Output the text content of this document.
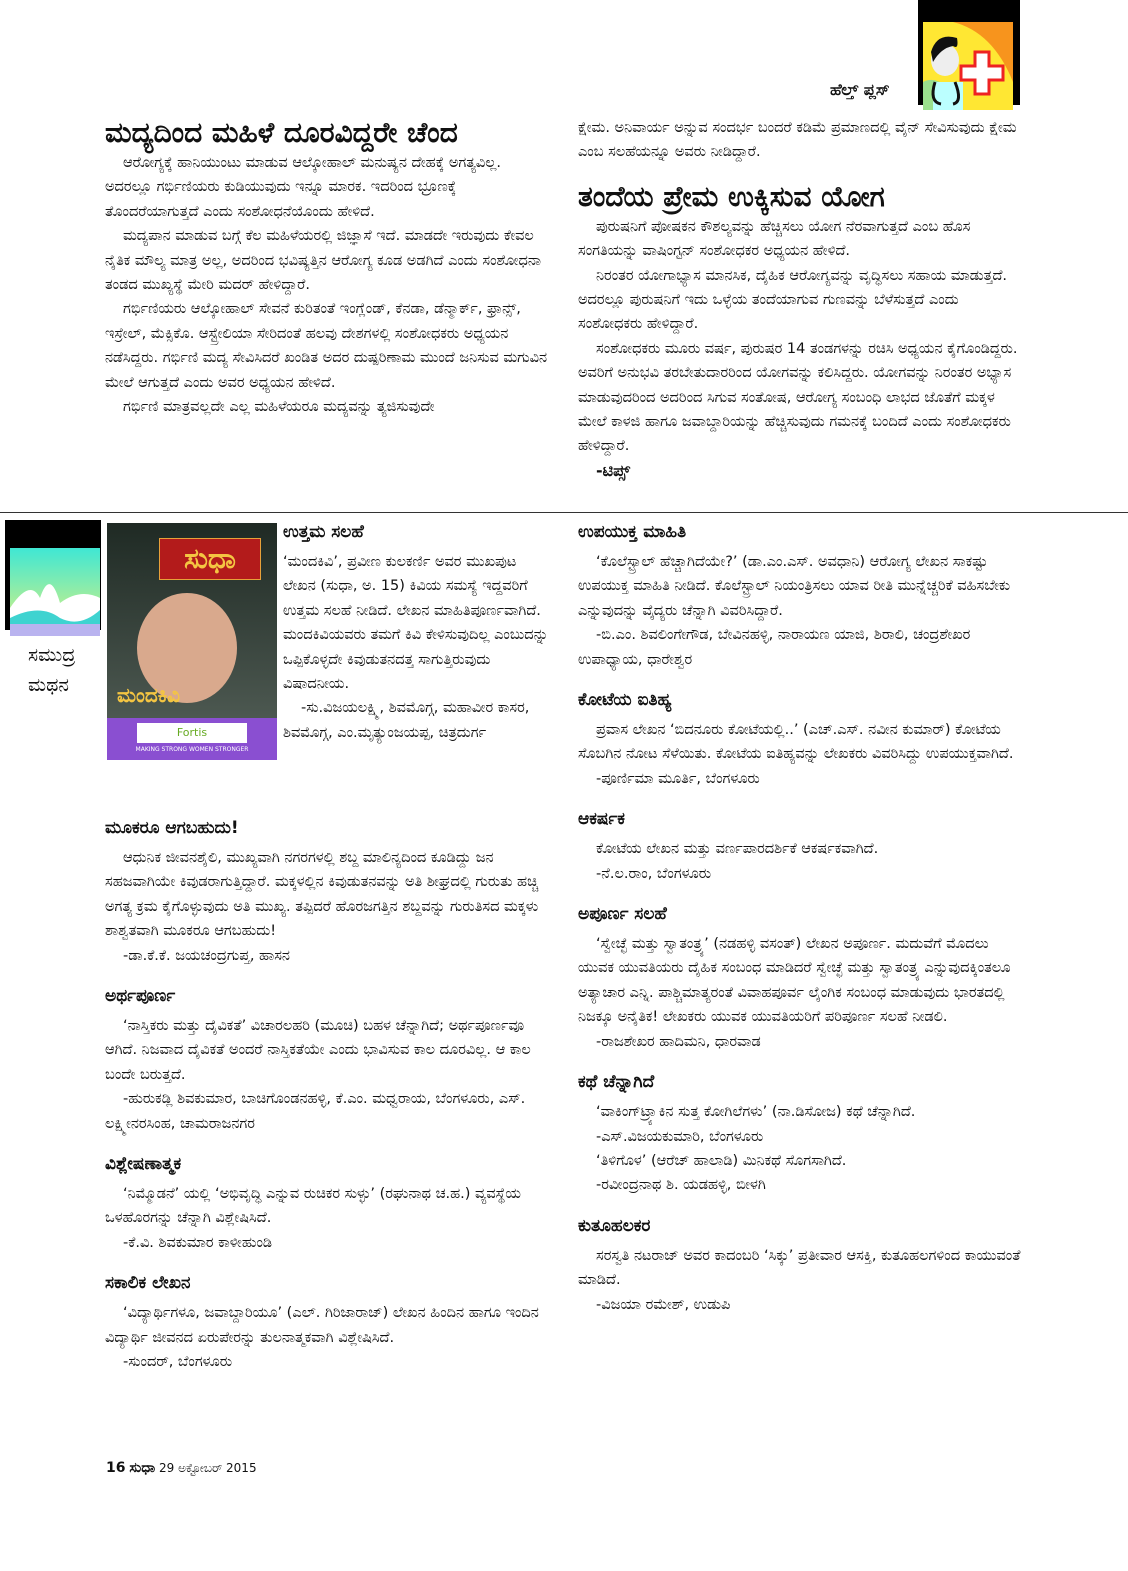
ಹೆಲ್ತ್ ಪ್ಲಸ್
ಮದ್ಯದಿಂದ ಮಹಿಳೆ ದೂರವಿದ್ದರೇ ಚೆಂದ

ಆರೋಗ್ಯಕ್ಕೆ ಹಾನಿಯುಂಟು ಮಾಡುವ ಆಲ್ಕೋಹಾಲ್ ಮನುಷ್ಯನ ದೇಹಕ್ಕೆ ಅಗತ್ಯವಿಲ್ಲ. ಅದರಲ್ಲೂ ಗರ್ಭಿಣಿಯರು ಕುಡಿಯುವುದು ಇನ್ನೂ ಮಾರಕ. ಇದರಿಂದ ಭ್ರೂಣಕ್ಕೆ ತೊಂದರೆಯಾಗುತ್ತದೆ ಎಂದು ಸಂಶೋಧನೆಯೊಂದು ಹೇಳಿದೆ.

ಮದ್ಯಪಾನ ಮಾಡುವ ಬಗ್ಗೆ ಕೆಲ ಮಹಿಳೆಯರಲ್ಲಿ ಜಿಜ್ಞಾಸೆ ಇದೆ. ಮಾಡದೇ ಇರುವುದು ಕೇವಲ ನೈತಿಕ ಮೌಲ್ಯ ಮಾತ್ರ ಅಲ್ಲ, ಅದರಿಂದ ಭವಿಷ್ಯತ್ತಿನ ಆರೋಗ್ಯ ಕೂಡ ಅಡಗಿದೆ ಎಂದು ಸಂಶೋಧನಾ ತಂಡದ ಮುಖ್ಯಸ್ಥೆ ಮೇರಿ ಮದರ್ ಹೇಳಿದ್ದಾರೆ.

ಗರ್ಭಿಣಿಯರು ಆಲ್ಕೋಹಾಲ್ ಸೇವನೆ ಕುರಿತಂತೆ ಇಂಗ್ಲೆಂಡ್, ಕೆನಡಾ, ಡೆನ್ಮಾರ್ಕ್, ಫ್ರಾನ್ಸ್, ಇಸ್ರೇಲ್, ಮೆಕ್ಸಿಕೊ. ಆಸ್ಟ್ರೇಲಿಯಾ ಸೇರಿದಂತೆ ಹಲವು ದೇಶಗಳಲ್ಲಿ ಸಂಶೋಧಕರು ಅಧ್ಯಯನ ನಡೆಸಿದ್ದರು. ಗರ್ಭಿಣಿ ಮದ್ಯ ಸೇವಿಸಿದರೆ ಖಂಡಿತ ಅದರ ದುಷ್ಪರಿಣಾಮ ಮುಂದೆ ಜನಿಸುವ ಮಗುವಿನ ಮೇಲೆ ಆಗುತ್ತದೆ ಎಂದು ಅವರ ಅಧ್ಯಯನ ಹೇಳಿದೆ.

ಗರ್ಭಿಣಿ ಮಾತ್ರವಲ್ಲದೇ ಎಲ್ಲ ಮಹಿಳೆಯರೂ ಮದ್ಯವನ್ನು ತ್ಯಜಿಸುವುದೇ

ಕ್ಷೇಮ. ಅನಿವಾರ್ಯ ಅನ್ನುವ ಸಂದರ್ಭ ಬಂದರೆ ಕಡಿಮೆ ಪ್ರಮಾಣದಲ್ಲಿ ವೈನ್ ಸೇವಿಸುವುದು ಕ್ಷೇಮ ಎಂಬ ಸಲಹೆಯನ್ನೂ ಅವರು ನೀಡಿದ್ದಾರೆ.

ತಂದೆಯ ಪ್ರೇಮ ಉಕ್ಕಿಸುವ ಯೋಗ

ಪುರುಷನಿಗೆ ಪೋಷಕನ ಕೌಶಲ್ಯವನ್ನು ಹೆಚ್ಚಿಸಲು ಯೋಗ ನೆರವಾಗುತ್ತದೆ ಎಂಬ ಹೊಸ ಸಂಗತಿಯನ್ನು ವಾಷಿಂಗ್ಟನ್ ಸಂಶೋಧಕರ ಅಧ್ಯಯನ ಹೇಳಿದೆ.

ನಿರಂತರ ಯೋಗಾಭ್ಯಾಸ ಮಾನಸಿಕ, ದೈಹಿಕ ಆರೋಗ್ಯವನ್ನು ವೃದ್ಧಿಸಲು ಸಹಾಯ ಮಾಡುತ್ತದೆ. ಅದರಲ್ಲೂ ಪುರುಷನಿಗೆ ಇದು ಒಳ್ಳೆಯ ತಂದೆಯಾಗುವ ಗುಣವನ್ನು ಬೆಳೆಸುತ್ತದೆ ಎಂದು ಸಂಶೋಧಕರು ಹೇಳಿದ್ದಾರೆ.

ಸಂಶೋಧಕರು ಮೂರು ವರ್ಷ, ಪುರುಷರ 14 ತಂಡಗಳನ್ನು ರಚಿಸಿ ಅಧ್ಯಯನ ಕೈಗೊಂಡಿದ್ದರು. ಅವರಿಗೆ ಅನುಭವಿ ತರಬೇತುದಾರರಿಂದ ಯೋಗವನ್ನು ಕಲಿಸಿದ್ದರು. ಯೋಗವನ್ನು ನಿರಂತರ ಅಭ್ಯಾಸ ಮಾಡುವುದರಿಂದ ಅದರಿಂದ ಸಿಗುವ ಸಂತೋಷ, ಆರೋಗ್ಯ ಸಂಬಂಧಿ ಲಾಭದ ಜೊತೆಗೆ ಮಕ್ಕಳ ಮೇಲೆ ಕಾಳಜಿ ಹಾಗೂ ಜವಾಬ್ದಾರಿಯನ್ನು ಹೆಚ್ಚಿಸುವುದು ಗಮನಕ್ಕೆ ಬಂದಿದೆ ಎಂದು ಸಂಶೋಧಕರು ಹೇಳಿದ್ದಾರೆ.

-ಟಿಪ್ಸ್

ಸಮುದ್ರ ಮಥನ
ಸುಧಾ
ಮಂದಕಿವಿ
Fortis
MAKING STRONG WOMEN STRONGER
ಉತ್ತಮ ಸಲಹೆ

‘ಮಂದಕಿವಿ’, ಪ್ರವೀಣ ಕುಲಕರ್ಣಿ ಅವರ ಮುಖಪುಟ ಲೇಖನ (ಸುಧಾ, ಅ. 15) ಕಿವಿಯ ಸಮಸ್ಯೆ ಇದ್ದವರಿಗೆ ಉತ್ತಮ ಸಲಹೆ ನೀಡಿದೆ. ಲೇಖನ ಮಾಹಿತಿಪೂರ್ಣವಾಗಿದೆ. ಮಂದಕಿವಿಯವರು ತಮಗೆ ಕಿವಿ ಕೇಳಿಸುವುದಿಲ್ಲ ಎಂಬುದನ್ನು ಒಪ್ಪಿಕೊಳ್ಳದೇ ಕಿವುಡುತನದತ್ತ ಸಾಗುತ್ತಿರುವುದು ವಿಷಾದನೀಯ.

-ಸು.ವಿಜಯಲಕ್ಷ್ಮಿ, ಶಿವಮೊಗ್ಗ, ಮಹಾವೀರ ಕಾಸರ, ಶಿವಮೊಗ್ಗ, ಎಂ.ಮೃತ್ಯುಂಜಯಪ್ಪ, ಚಿತ್ರದುರ್ಗ

ಮೂಕರೂ ಆಗಬಹುದು!

ಆಧುನಿಕ ಜೀವನಶೈಲಿ, ಮುಖ್ಯವಾಗಿ ನಗರಗಳಲ್ಲಿ ಶಬ್ದ ಮಾಲಿನ್ಯದಿಂದ ಕೂಡಿದ್ದು ಜನ ಸಹಜವಾಗಿಯೇ ಕಿವುಡರಾಗುತ್ತಿದ್ದಾರೆ. ಮಕ್ಕಳಲ್ಲಿನ ಕಿವುಡುತನವನ್ನು ಅತಿ ಶೀಘ್ರದಲ್ಲಿ ಗುರುತು ಹಚ್ಚಿ ಅಗತ್ಯ ಕ್ರಮ ಕೈಗೊಳ್ಳುವುದು ಅತಿ ಮುಖ್ಯ. ತಪ್ಪಿದರೆ ಹೊರಜಗತ್ತಿನ ಶಬ್ದವನ್ನು ಗುರುತಿಸದ ಮಕ್ಕಳು ಶಾಶ್ವತವಾಗಿ ಮೂಕರೂ ಆಗಬಹುದು!

-ಡಾ.ಕೆ.ಕೆ. ಜಯಚಂದ್ರಗುಪ್ತ, ಹಾಸನ

ಅರ್ಥಪೂರ್ಣ

‘ನಾಸ್ತಿಕರು ಮತ್ತು ದೈವಿಕತೆ’ ವಿಚಾರಲಹರಿ (ಮೂಚಿ) ಬಹಳ ಚೆನ್ನಾಗಿದೆ; ಅರ್ಥಪೂರ್ಣವೂ ಆಗಿದೆ. ನಿಜವಾದ ದೈವಿಕತೆ ಅಂದರೆ ನಾಸ್ತಿಕತೆಯೇ ಎಂದು ಭಾವಿಸುವ ಕಾಲ ದೂರವಿಲ್ಲ. ಆ ಕಾಲ ಬಂದೇ ಬರುತ್ತದೆ.

-ಹುರುಕಡ್ಲಿ ಶಿವಕುಮಾರ, ಬಾಚಿಗೊಂಡನಹಳ್ಳಿ, ಕೆ.ಎಂ. ಮಧ್ವರಾಯ, ಬೆಂಗಳೂರು, ಎಸ್. ಲಕ್ಷ್ಮೀನರಸಿಂಹ, ಚಾಮರಾಜನಗರ

ವಿಶ್ಲೇಷಣಾತ್ಮಕ

‘ನಿಮ್ಮೊಡನೆ’ ಯಲ್ಲಿ ‘ಅಭಿವೃದ್ಧಿ ಎನ್ನುವ ರುಚಿಕರ ಸುಳ್ಳು’ (ರಘುನಾಥ ಚ.ಹ.) ವ್ಯವಸ್ಥೆಯ ಒಳಹೊರಗನ್ನು ಚೆನ್ನಾಗಿ ವಿಶ್ಲೇಷಿಸಿದೆ.

-ಕೆ.ವಿ. ಶಿವಕುಮಾರ ಕಾಳೀಹುಂಡಿ

ಸಕಾಲಿಕ ಲೇಖನ

‘ವಿದ್ಯಾರ್ಥಿಗಳೂ, ಜವಾಬ್ದಾರಿಯೂ’ (ಎಲ್. ಗಿರಿಜಾರಾಜ್) ಲೇಖನ ಹಿಂದಿನ ಹಾಗೂ ಇಂದಿನ ವಿದ್ಯಾರ್ಥಿ ಜೀವನದ ಏರುಪೇರನ್ನು ತುಲನಾತ್ಮಕವಾಗಿ ವಿಶ್ಲೇಷಿಸಿದೆ.

-ಸುಂದರ್, ಬೆಂಗಳೂರು

ಉಪಯುಕ್ತ ಮಾಹಿತಿ

‘ಕೊಲೆಸ್ಟ್ರಾಲ್ ಹೆಚ್ಚಾಗಿದೆಯೇ?’ (ಡಾ.ಎಂ.ಎಸ್. ಅವಧಾನಿ) ಆರೋಗ್ಯ ಲೇಖನ ಸಾಕಷ್ಟು ಉಪಯುಕ್ತ ಮಾಹಿತಿ ನೀಡಿದೆ. ಕೊಲೆಸ್ಟ್ರಾಲ್ ನಿಯಂತ್ರಿಸಲು ಯಾವ ರೀತಿ ಮುನ್ನೆಚ್ಚರಿಕೆ ವಹಿಸಬೇಕು ಎನ್ನುವುದನ್ನು ವೈದ್ಯರು ಚೆನ್ನಾಗಿ ವಿವರಿಸಿದ್ದಾರೆ.

-ಬಿ.ಎಂ. ಶಿವಲಿಂಗೇಗೌಡ, ಬೇವಿನಹಳ್ಳಿ, ನಾರಾಯಣ ಯಾಜಿ, ಶಿರಾಲಿ, ಚಂದ್ರಶೇಖರ ಉಪಾಧ್ಯಾಯ, ಧಾರೇಶ್ವರ

ಕೋಟೆಯ ಐತಿಹ್ಯ

ಪ್ರವಾಸ ಲೇಖನ ‘ಬಿದನೂರು ಕೋಟೆಯಲ್ಲಿ..’ (ಎಚ್.ಎಸ್. ನವೀನ ಕುಮಾರ್) ಕೋಟೆಯ ಸೊಬಗಿನ ನೋಟ ಸೆಳೆಯಿತು. ಕೋಟೆಯ ಐತಿಹ್ಯವನ್ನು ಲೇಖಕರು ವಿವರಿಸಿದ್ದು ಉಪಯುಕ್ತವಾಗಿದೆ.

-ಪೂರ್ಣಿಮಾ ಮೂರ್ತಿ, ಬೆಂಗಳೂರು

ಆಕರ್ಷಕ

ಕೋಟೆಯ ಲೇಖನ ಮತ್ತು ವರ್ಣಪಾರದರ್ಶಿಕೆ ಆಕರ್ಷಕವಾಗಿದೆ.

-ನೆ.ಲ.ರಾಂ, ಬೆಂಗಳೂರು

ಅಪೂರ್ಣ ಸಲಹೆ

‘ಸ್ವೇಚ್ಛೆ ಮತ್ತು ಸ್ವಾತಂತ್ರ್ಯ’ (ನಡಹಳ್ಳಿ ವಸಂತ್) ಲೇಖನ ಅಪೂರ್ಣ. ಮದುವೆಗೆ ಮೊದಲು ಯುವಕ ಯುವತಿಯರು ದೈಹಿಕ ಸಂಬಂಧ ಮಾಡಿದರೆ ಸ್ವೇಚ್ಛೆ ಮತ್ತು ಸ್ವಾತಂತ್ರ್ಯ ಎನ್ನುವುದಕ್ಕಿಂತಲೂ ಅತ್ಯಾಚಾರ ಎನ್ನಿ. ಪಾಶ್ಚಿಮಾತ್ಯರಂತೆ ವಿವಾಹಪೂರ್ವ ಲೈಂಗಿಕ ಸಂಬಂಧ ಮಾಡುವುದು ಭಾರತದಲ್ಲಿ ನಿಜಕ್ಕೂ ಅನೈತಿಕ! ಲೇಖಕರು ಯುವಕ ಯುವತಿಯರಿಗೆ ಪರಿಪೂರ್ಣ ಸಲಹೆ ನೀಡಲಿ.

-ರಾಜಶೇಖರ ಹಾದಿಮನಿ, ಧಾರವಾಡ

ಕಥೆ ಚೆನ್ನಾಗಿದೆ

‘ವಾಕಿಂಗ್‌ಟ್ರ್ಯಾಕಿನ ಸುತ್ತ ಕೋಗಿಲೆಗಳು’ (ನಾ.ಡಿಸೋಜ) ಕಥೆ ಚೆನ್ನಾಗಿದೆ.

-ಎಸ್.ವಿಜಯಕುಮಾರಿ, ಬೆಂಗಳೂರು

‘ತಿಳಿಗೊಳ’ (ಆರೆಚ್ ಹಾಲಾಡಿ) ಮಿನಿಕಥೆ ಸೊಗಸಾಗಿದೆ.

-ರವೀಂದ್ರನಾಥ ಶಿ. ಯಡಹಳ್ಳಿ, ಬೀಳಗಿ

ಕುತೂಹಲಕರ

ಸರಸ್ವತಿ ನಟರಾಜ್ ಅವರ ಕಾದಂಬರಿ ‘ಸಿಕ್ಕು’ ಪ್ರತೀವಾರ ಆಸಕ್ತಿ, ಕುತೂಹಲಗಳಿಂದ ಕಾಯುವಂತೆ ಮಾಡಿದೆ.

-ವಿಜಯಾ ರಮೇಶ್, ಉಡುಪಿ

16 ಸುಧಾ 29 ಅಕ್ಟೋಬರ್ 2015
